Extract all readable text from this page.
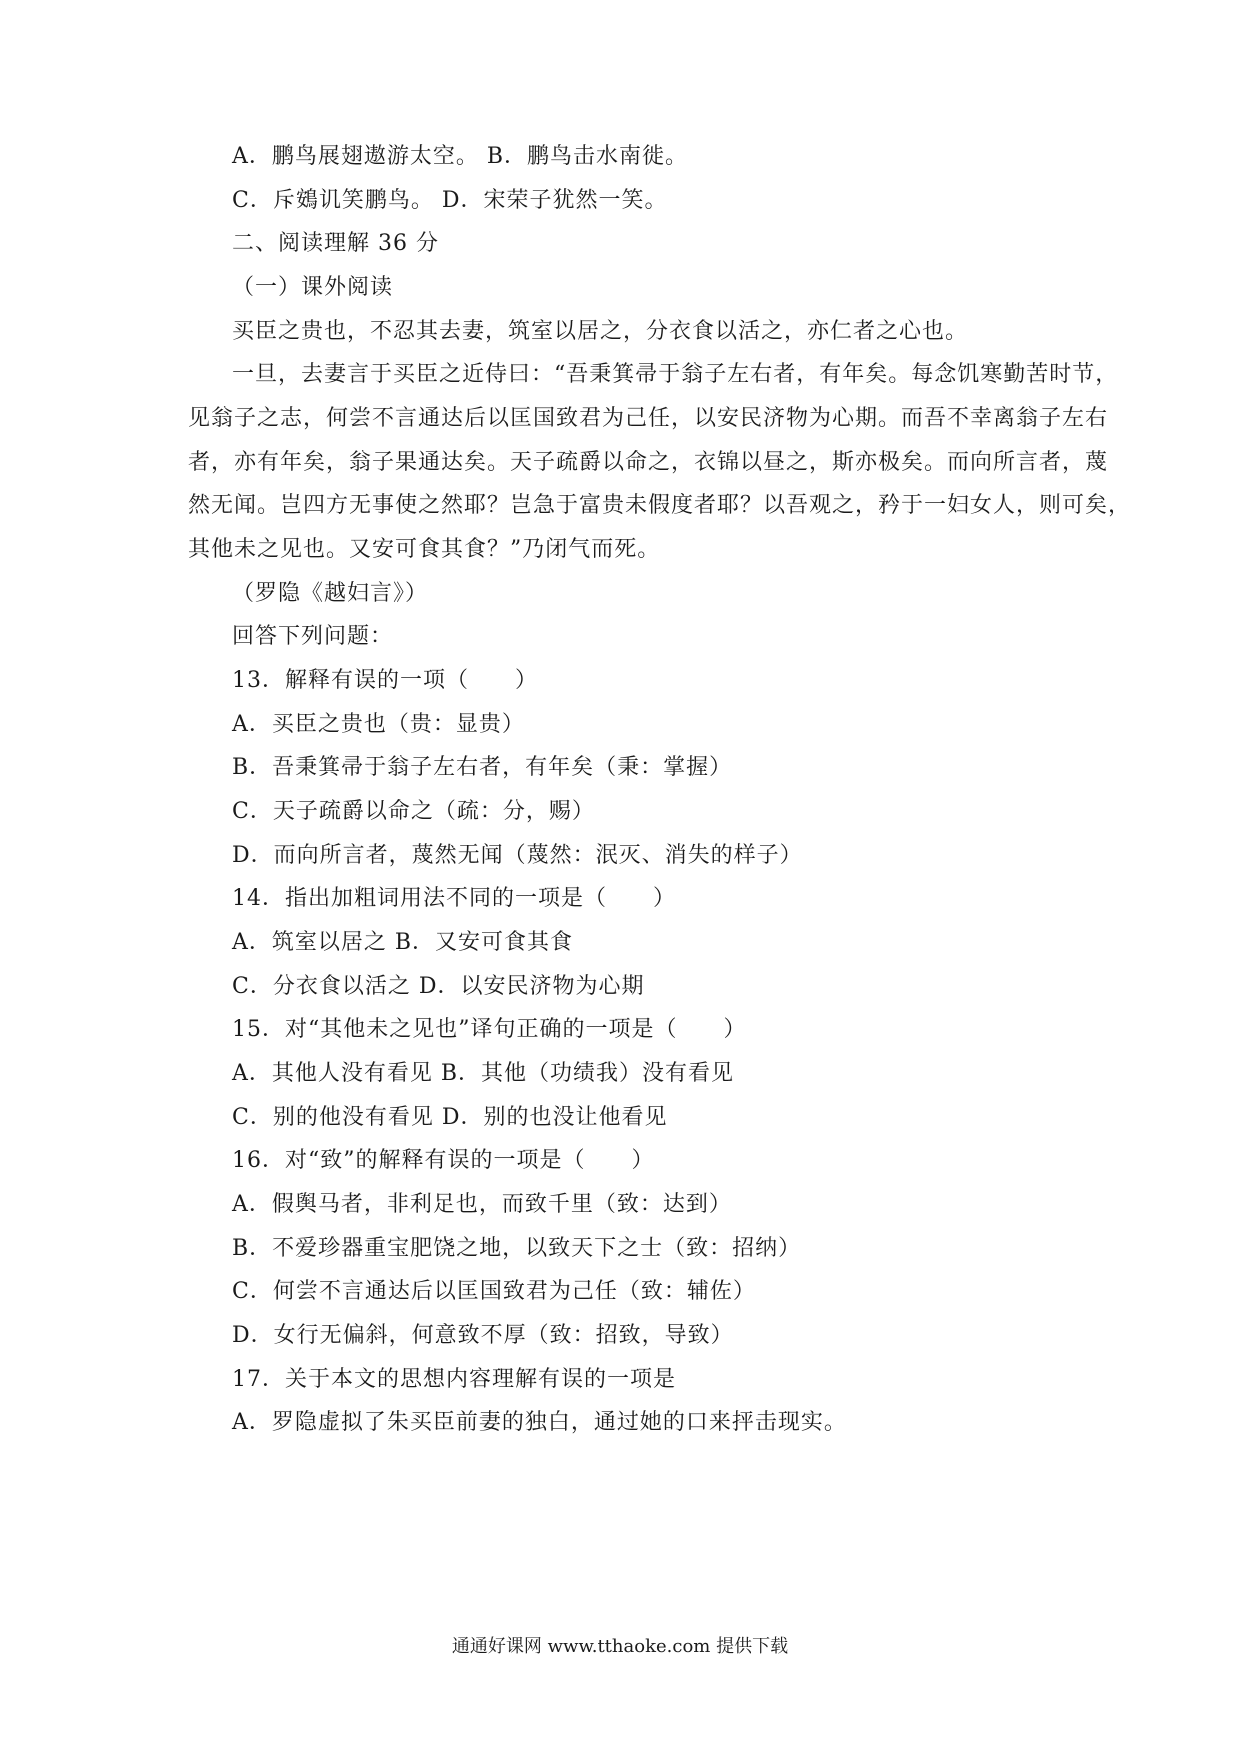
A．鹏鸟展翅遨游太空。 B．鹏鸟击水南徙。
C．斥鴳讥笑鹏鸟。 D．宋荣子犹然一笑。
二、阅读理解 36 分
（一）课外阅读
买臣之贵也，不忍其去妻，筑室以居之，分衣食以活之，亦仁者之心也。
一旦，去妻言于买臣之近侍曰：“吾秉箕帚于翁子左右者，有年矣。每念饥寒勤苦时节，
见翁子之志，何尝不言通达后以匡国致君为己任，以安民济物为心期。而吾不幸离翁子左右
者，亦有年矣，翁子果通达矣。天子疏爵以命之，衣锦以昼之，斯亦极矣。而向所言者，蔑
然无闻。岂四方无事使之然耶？岂急于富贵未假度者耶？以吾观之，矜于一妇女人，则可矣，
其他未之见也。又安可食其食？”乃闭气而死。
（罗隐《越妇言》）
回答下列问题：
13．解释有误的一项（　　）
A．买臣之贵也（贵：显贵）
B．吾秉箕帚于翁子左右者，有年矣（秉：掌握）
C．天子疏爵以命之（疏：分，赐）
D．而向所言者，蔑然无闻（蔑然：泯灭、消失的样子）
14．指出加粗词用法不同的一项是（　　）
A．筑室以居之 B．又安可食其食
C．分衣食以活之 D．以安民济物为心期
15．对“其他未之见也”译句正确的一项是（　　）
A．其他人没有看见 B．其他（功绩我）没有看见
C．别的他没有看见 D．别的也没让他看见
16．对“致”的解释有误的一项是（　　）
A．假舆马者，非利足也，而致千里（致：达到）
B．不爱珍器重宝肥饶之地，以致天下之士（致：招纳）
C．何尝不言通达后以匡国致君为己任（致：辅佐）
D．女行无偏斜，何意致不厚（致：招致，导致）
17．关于本文的思想内容理解有误的一项是
A．罗隐虚拟了朱买臣前妻的独白，通过她的口来抨击现实。
通通好课网 www.tthaoke.com 提供下载
